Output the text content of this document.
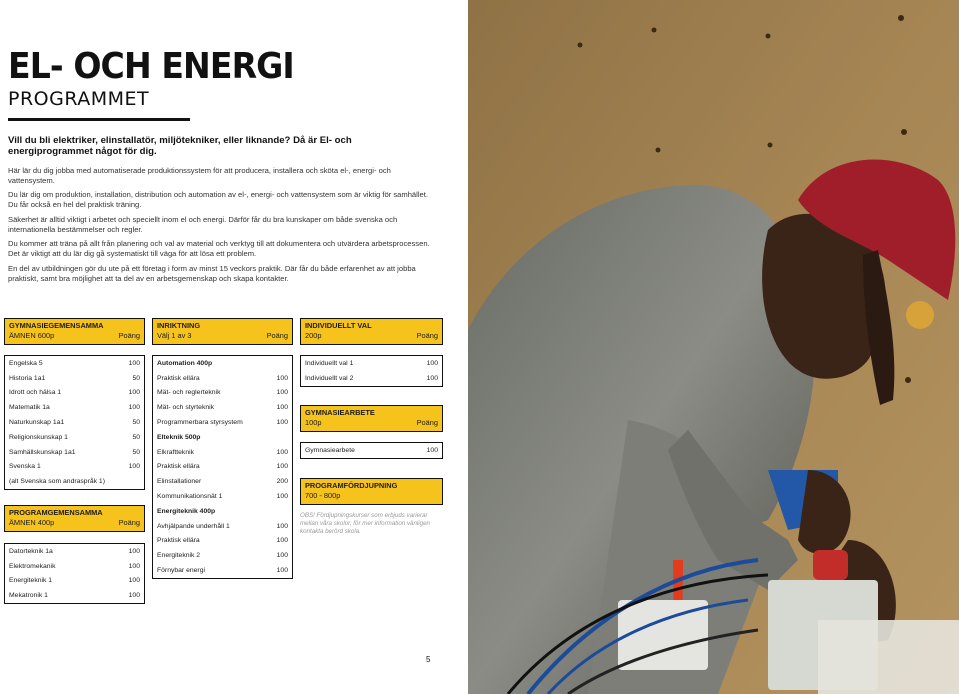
EL- OCH ENERGI
PROGRAMMET
Vill du bli elektriker, elinstallatör, miljötekniker, eller liknande? Då är El- och energiprogrammet något för dig.
Här lär du dig jobba med automatiserade produktionssystem för att producera, installera och sköta el-, energi- och vattensystem.
Du lär dig om produktion, installation, distribution och automation av el-, energi- och vattensystem som är viktig för samhället. Du får också en hel del praktisk träning.
Säkerhet är alltid viktigt i arbetet och speciellt inom el och energi. Därför får du bra kunskaper om både svenska och internationella bestämmelser och regler.
Du kommer att träna på allt från planering och val av material och verktyg till att dokumentera och utvärdera arbetsprocessen. Det är viktigt att du lär dig gå systematiskt till väga för att lösa ett problem.
En del av utbildningen gör du ute på ett företag i form av minst 15 veckors praktik. Där får du både erfarenhet av att jobba praktiskt, samt bra möjlighet att ta del av en arbetsgemenskap och skapa kontakter.
GYMNASIEGEMENSAMMA
ÄMNEN 600p	Poäng
Engelska 5	100
Historia 1a1	50
Idrott och hälsa 1	100
Matematik 1a	100
Naturkunskap 1a1	50
Religionskunskap 1	50
Samhällskunskap 1a1	50
Svenska 1	100
(alt Svenska som andraspråk 1)
PROGRAMGEMENSAMMA
ÄMNEN 400p	Poäng
Datorteknik 1a	100
Elektromekanik	100
Energiteknik 1	100
Mekatronik 1	100
INRIKTNING
Välj 1 av 3	Poäng
Automation 400p
Praktisk ellära	100
Mät- och reglerteknik	100
Mät- och styrteknik	100
Programmerbara styrsystem	100
Elteknik 500p
Elkraftteknik	100
Praktisk ellära	100
Elinstallationer	200
Kommunikationsnät 1	100
Energiteknik 400p
Avhjälpande underhåll 1	100
Praktisk ellära	100
Energiteknik 2	100
Förnybar energi	100
INDIVIDUELLT VAL
200p	Poäng
Individuellt val 1	100
Individuellt val 2	100
GYMNASIEARBETE
100p	Poäng
Gymnasiearbete	100
PROGRAMFÖRDJUPNING
700 - 800p
OBS! Fördjupningskurser som erbjuds varierar mellan våra skolor, för mer information vänligen kontakta berörd skola.
5
